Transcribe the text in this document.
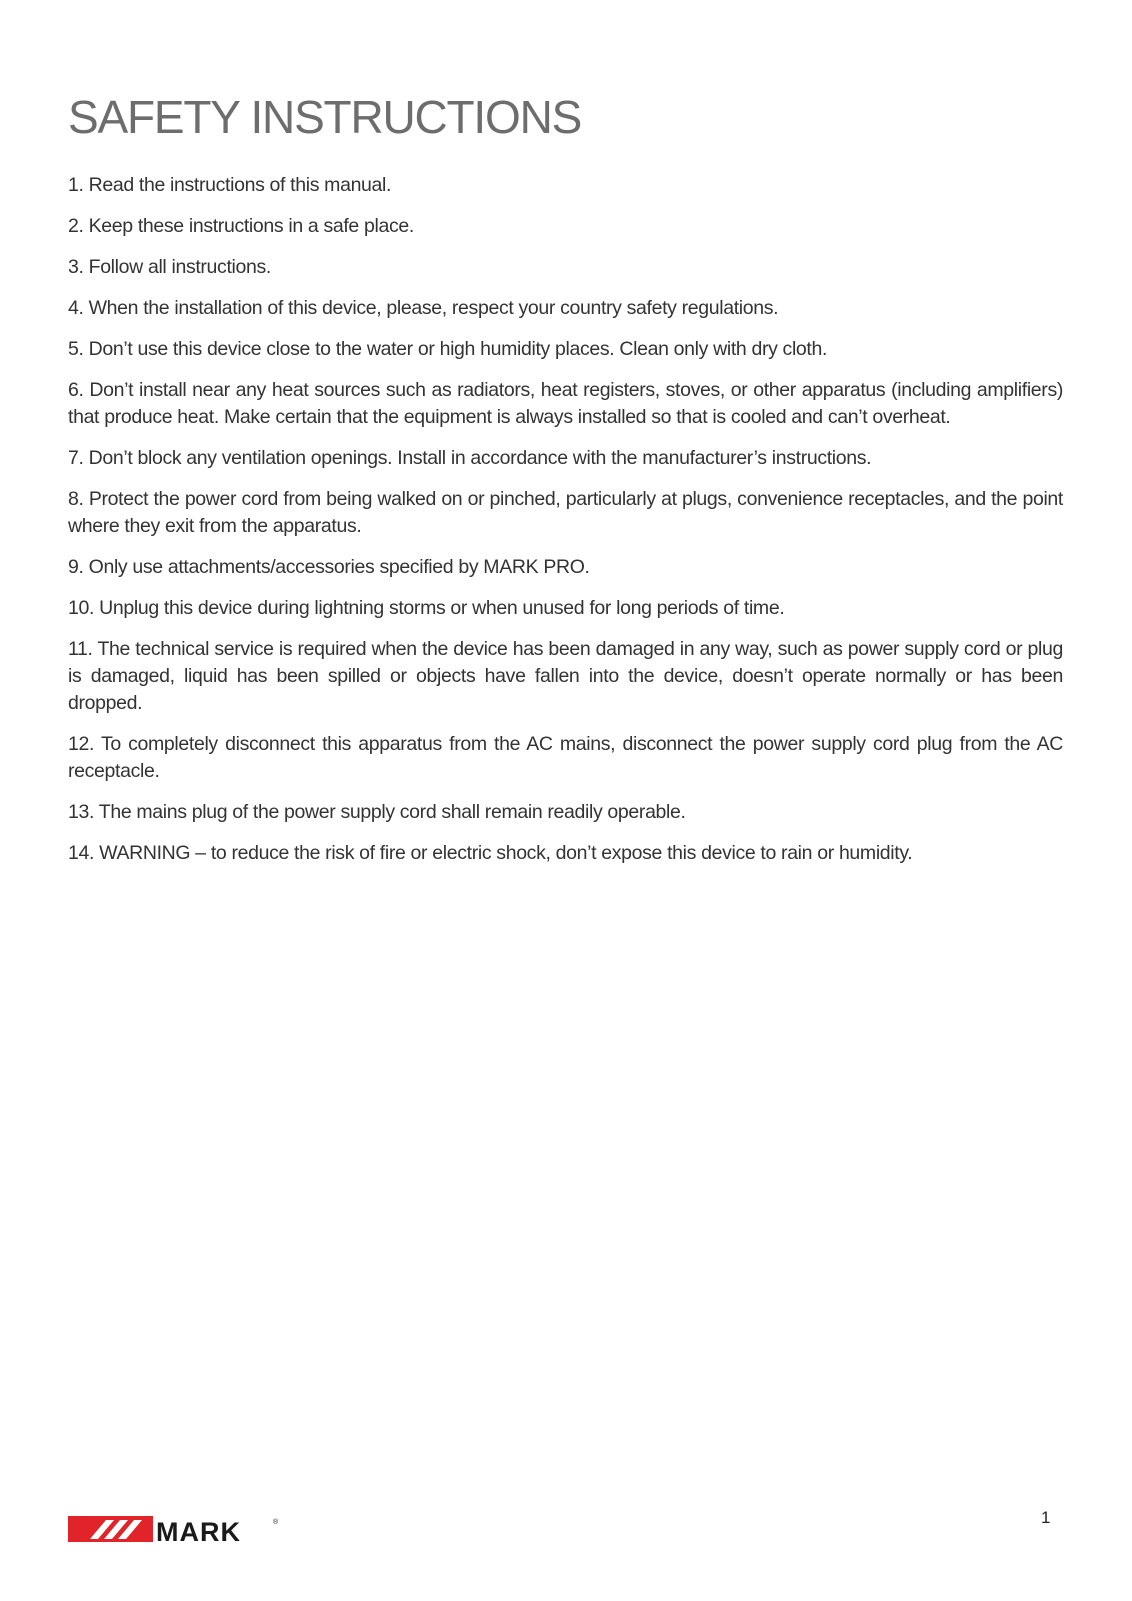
SAFETY INSTRUCTIONS
1. Read the instructions of this manual.
2. Keep these instructions in a safe place.
3. Follow all instructions.
4. When the installation of this device, please, respect your country safety regulations.
5. Don’t use this device close to the water or high humidity places. Clean only with dry cloth.
6. Don’t install near any heat sources such as radiators, heat registers, stoves, or other apparatus (including amplifiers) that produce heat. Make certain that the equipment is always installed so that is cooled and can’t overheat.
7. Don’t block any ventilation openings. Install in accordance with the manufacturer’s instructions.
8. Protect the power cord from being walked on or pinched, particularly at plugs, convenience receptacles, and the point where they exit from the apparatus.
9. Only use attachments/accessories specified by MARK PRO.
10. Unplug this device during lightning storms or when unused for long periods of time.
11. The technical service is required when the device has been damaged in any way, such as power supply cord or plug is damaged, liquid has been spilled or objects have fallen into the device, doesn’t operate normally or has been dropped.
12. To completely disconnect this apparatus from the AC mains, disconnect the power supply cord plug from the AC receptacle.
13. The mains plug of the power supply cord shall remain readily operable.
14. WARNING – to reduce the risk of fire or electric shock, don’t expose this device to rain or humidity.
MARK	®	1
